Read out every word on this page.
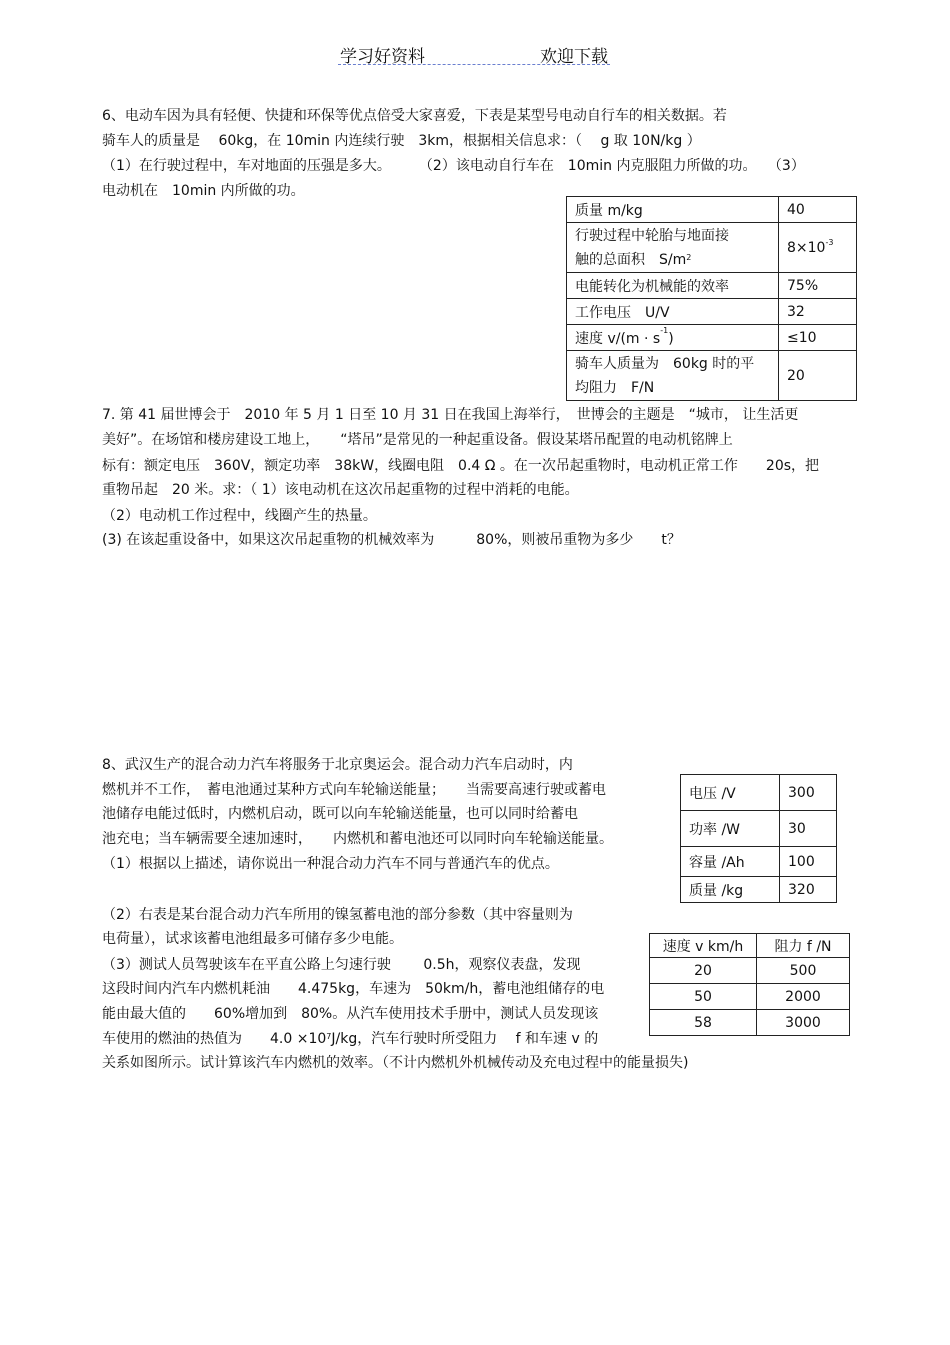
学习好资料	欢迎下载
6、电动车因为具有轻便、快捷和环保等优点倍受大家喜爱，下表是某型号电动自行车的相关数据。若
骑车人的质量是　 60kg，在 10min 内连续行驶　3km，根据相关信息求：（　 g 取 10N/kg ）
（1）在行驶过程中，车对地面的压强是多大。　　　（2）该电动自行车在　10min 内克服阻力所做的功。　 （3）
电动机在　10min 内所做的功。
质量 m/kg	40

行驶过程中轮胎与地面接
触的总面积　$S/m^2$	$8\times 10^{-3}$
电能转化为机械能的效率	75%
工作电压　U/V	32
速度 $v/(m \cdot s^{-1})$	≤10

骑车人质量为　60kg 时的平
均阻力　F/N	20
7. 第 41 届世博会于　2010 年 5 月 1 日至 10 月 31 日在我国上海举行，　世博会的主题是　“城市， 让生活更
美好”。在场馆和楼房建设工地上，　　“塔吊”是常见的一种起重设备。假设某塔吊配置的电动机铭牌上
标有：额定电压　360V，额定功率　38kW，线圈电阻　0.4 Ω 。在一次吊起重物时，电动机正常工作　　20s，把
重物吊起　20 米。求：（ 1）该电动机在这次吊起重物的过程中消耗的电能。
（2）电动机工作过程中，线圈产生的热量。
(3) 在该起重设备中，如果这次吊起重物的机械效率为　　　80%，则被吊重物为多少　　t？
8、武汉生产的混合动力汽车将服务于北京奥运会。混合动力汽车启动时，内
燃机并不工作，　蓄电池通过某种方式向车轮输送能量；　　当需要高速行驶或蓄电
池储存电能过低时，内燃机启动，既可以向车轮输送能量，也可以同时给蓄电
池充电；当车辆需要全速加速时，　　内燃机和蓄电池还可以同时向车轮输送能量。
（1）根据以上描述，请你说出一种混合动力汽车不同与普通汽车的优点。
（2）右表是某台混合动力汽车所用的镍氢蓄电池的部分参数（其中容量则为
电荷量），试求该蓄电池组最多可储存多少电能。
（3）测试人员驾驶该车在平直公路上匀速行驶　　 0.5h，观察仪表盘，发现
这段时间内汽车内燃机耗油　　4.475kg，车速为　50km/h，蓄电池组储存的电
能由最大值的　　60%增加到　80%。从汽车使用技术手册中，测试人员发现该
车使用的燃油的热值为　　$4.0 \times 10^7J/kg$，汽车行驶时所受阻力　 f 和车速 v 的
关系如图所示。试计算该汽车内燃机的效率。（不计内燃机外机械传动及充电过程中的能量损失)
电压 /V	300
功率 /W	30
容量 /Ah	100
质量 /kg	320
速度 v km/h	阻力 f /N
20	500
50	2000
58	3000
